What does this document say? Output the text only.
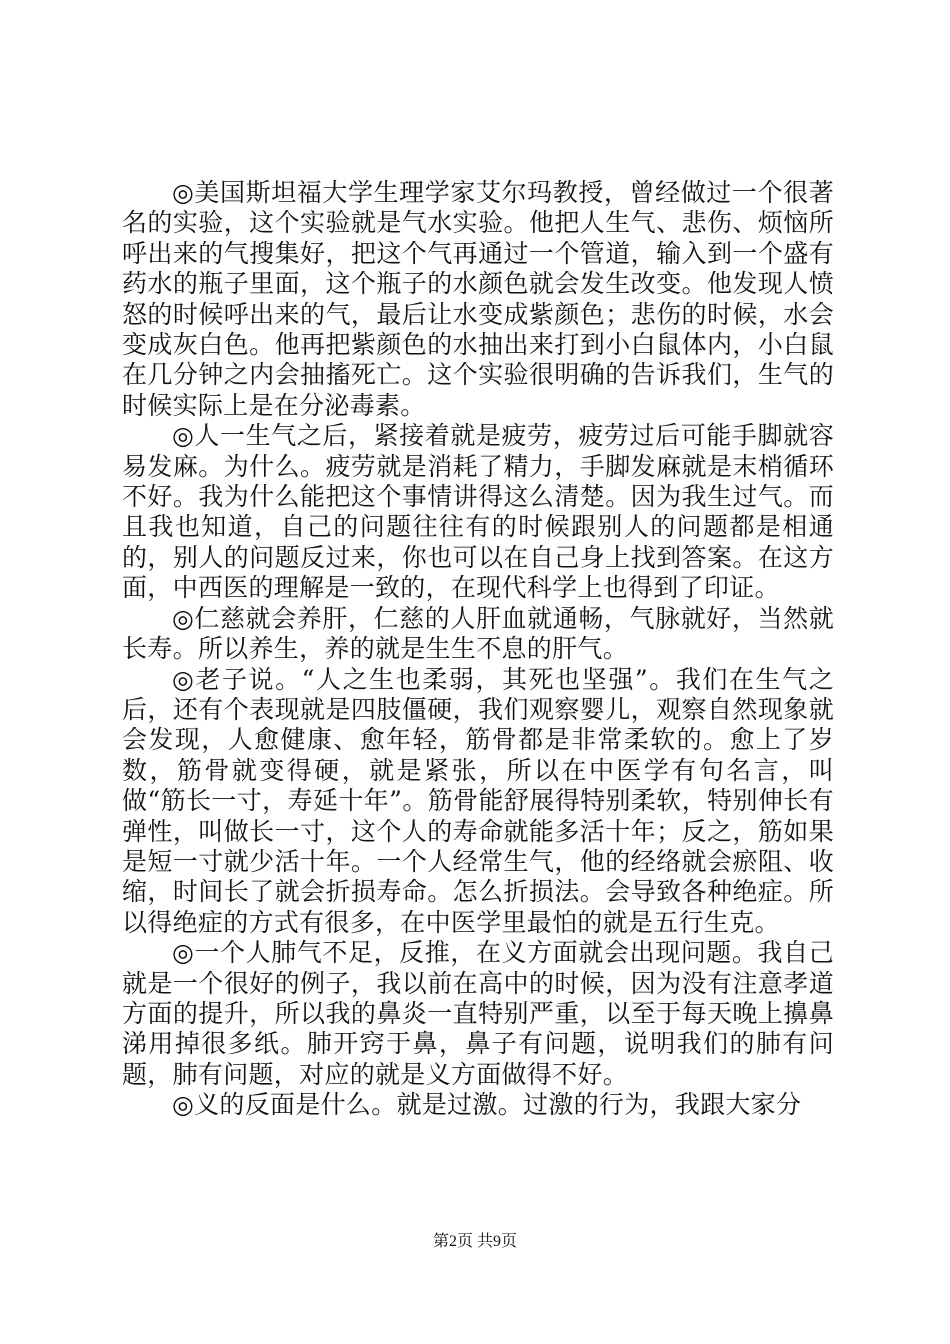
◎美国斯坦福大学生理学家艾尔玛教授，曾经做过一个很著名的实验，这个实验就是气水实验。他把人生气、悲伤、烦恼所呼出来的气搜集好，把这个气再通过一个管道，输入到一个盛有药水的瓶子里面，这个瓶子的水颜色就会发生改变。他发现人愤怒的时候呼出来的气，最后让水变成紫颜色；悲伤的时候，水会变成灰白色。他再把紫颜色的水抽出来打到小白鼠体内，小白鼠在几分钟之内会抽搐死亡。这个实验很明确的告诉我们，生气的时候实际上是在分泌毒素。

◎人一生气之后，紧接着就是疲劳，疲劳过后可能手脚就容易发麻。为什么。疲劳就是消耗了精力，手脚发麻就是末梢循环不好。我为什么能把这个事情讲得这么清楚。因为我生过气。而且我也知道，自己的问题往往有的时候跟别人的问题都是相通的，别人的问题反过来，你也可以在自己身上找到答案。在这方面，中西医的理解是一致的，在现代科学上也得到了印证。

◎仁慈就会养肝，仁慈的人肝血就通畅，气脉就好，当然就长寿。所以养生，养的就是生生不息的肝气。

◎老子说。“人之生也柔弱，其死也坚强”。我们在生气之后，还有个表现就是四肢僵硬，我们观察婴儿，观察自然现象就会发现，人愈健康、愈年轻，筋骨都是非常柔软的。愈上了岁数，筋骨就变得硬，就是紧张，所以在中医学有句名言，叫做“筋长一寸，寿延十年”。筋骨能舒展得特别柔软，特别伸长有弹性，叫做长一寸，这个人的寿命就能多活十年；反之，筋如果是短一寸就少活十年。一个人经常生气，他的经络就会瘀阻、收缩，时间长了就会折损寿命。怎么折损法。会导致各种绝症。所以得绝症的方式有很多，在中医学里最怕的就是五行生克。

◎一个人肺气不足，反推，在义方面就会出现问题。我自己就是一个很好的例子，我以前在高中的时候，因为没有注意孝道方面的提升，所以我的鼻炎一直特别严重，以至于每天晚上擤鼻涕用掉很多纸。肺开窍于鼻，鼻子有问题，说明我们的肺有问题，肺有问题，对应的就是义方面做得不好。

◎义的反面是什么。就是过激。过激的行为，我跟大家分

第2页 共9页
